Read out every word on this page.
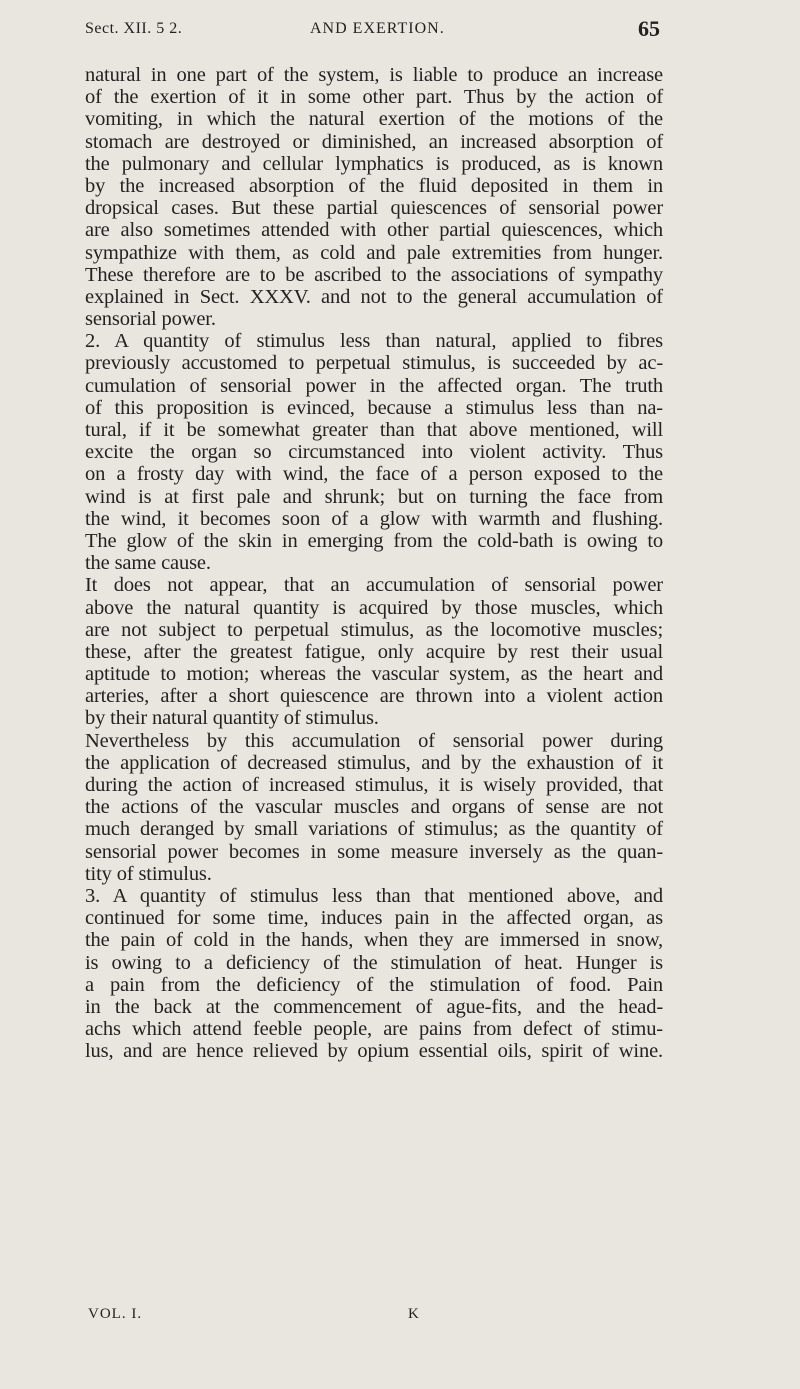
Sect. XII. 5 2.	AND EXERTION.	65
natural in one part of the system, is liable to produce an increase
of the exertion of it in some other part. Thus by the action of
vomiting, in which the natural exertion of the motions of the
stomach are destroyed or diminished, an increased absorption of
the pulmonary and cellular lymphatics is produced, as is known
by the increased absorption of the fluid deposited in them in
dropsical cases. But these partial quiescences of sensorial power
are also sometimes attended with other partial quiescences, which
sympathize with them, as cold and pale extremities from hunger.
These therefore are to be ascribed to the associations of sympathy
explained in Sect. XXXV. and not to the general accumulation of
sensorial power.
2. A quantity of stimulus less than natural, applied to fibres
previously accustomed to perpetual stimulus, is succeeded by ac-
cumulation of sensorial power in the affected organ. The truth
of this proposition is evinced, because a stimulus less than na-
tural, if it be somewhat greater than that above mentioned, will
excite the organ so circumstanced into violent activity. Thus
on a frosty day with wind, the face of a person exposed to the
wind is at first pale and shrunk; but on turning the face from
the wind, it becomes soon of a glow with warmth and flushing.
The glow of the skin in emerging from the cold-bath is owing to
the same cause.
It does not appear, that an accumulation of sensorial power
above the natural quantity is acquired by those muscles, which
are not subject to perpetual stimulus, as the locomotive muscles;
these, after the greatest fatigue, only acquire by rest their usual
aptitude to motion; whereas the vascular system, as the heart and
arteries, after a short quiescence are thrown into a violent action
by their natural quantity of stimulus.
Nevertheless by this accumulation of sensorial power during
the application of decreased stimulus, and by the exhaustion of it
during the action of increased stimulus, it is wisely provided, that
the actions of the vascular muscles and organs of sense are not
much deranged by small variations of stimulus; as the quantity of
sensorial power becomes in some measure inversely as the quan-
tity of stimulus.
3. A quantity of stimulus less than that mentioned above, and
continued for some time, induces pain in the affected organ, as
the pain of cold in the hands, when they are immersed in snow,
is owing to a deficiency of the stimulation of heat. Hunger is
a pain from the deficiency of the stimulation of food. Pain
in the back at the commencement of ague-fits, and the head-
achs which attend feeble people, are pains from defect of stimu-
lus, and are hence relieved by opium essential oils, spirit of wine.
VOL. I.	K
